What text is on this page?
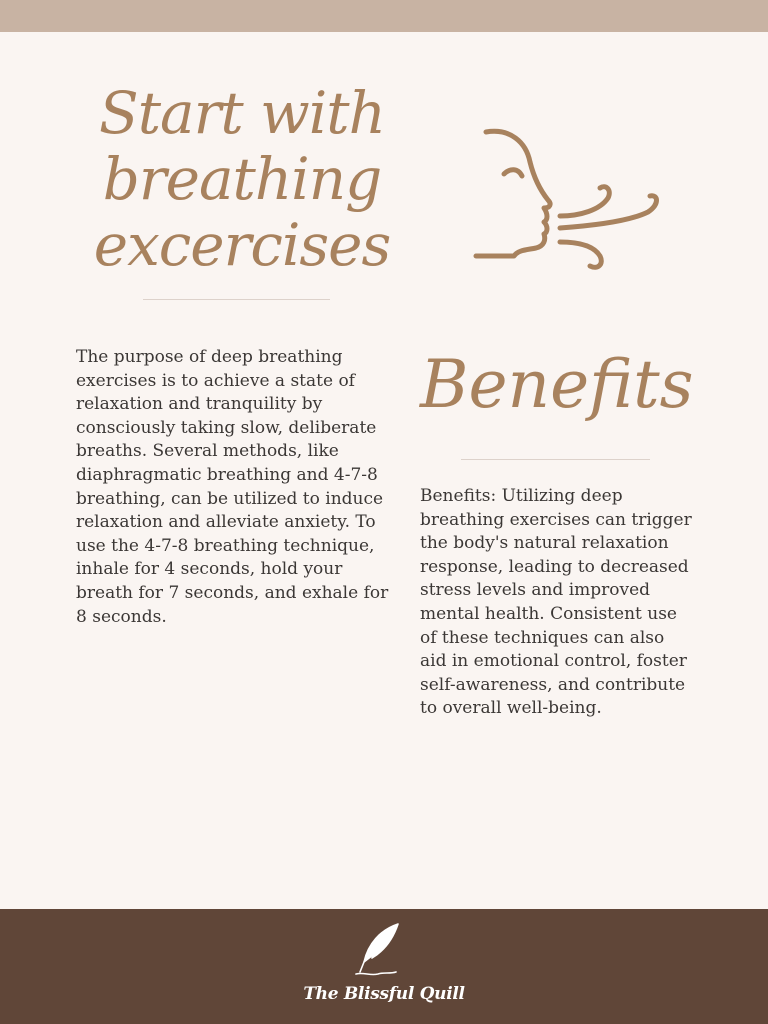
Start with breathing excercises

The purpose of deep breathing exercises is to achieve a state of relaxation and tranquility by consciously taking slow, deliberate breaths. Several methods, like diaphragmatic breathing and 4-7-8 breathing, can be utilized to induce relaxation and alleviate anxiety. To use the 4-7-8 breathing technique, inhale for 4 seconds, hold your breath for 7 seconds, and exhale for 8 seconds.

Benefits

Benefits: Utilizing deep breathing exercises can trigger the body's natural relaxation response, leading to decreased stress levels and improved mental health. Consistent use of these techniques can also aid in emotional control, foster self-awareness, and contribute to overall well-being.

The Blissful Quill
